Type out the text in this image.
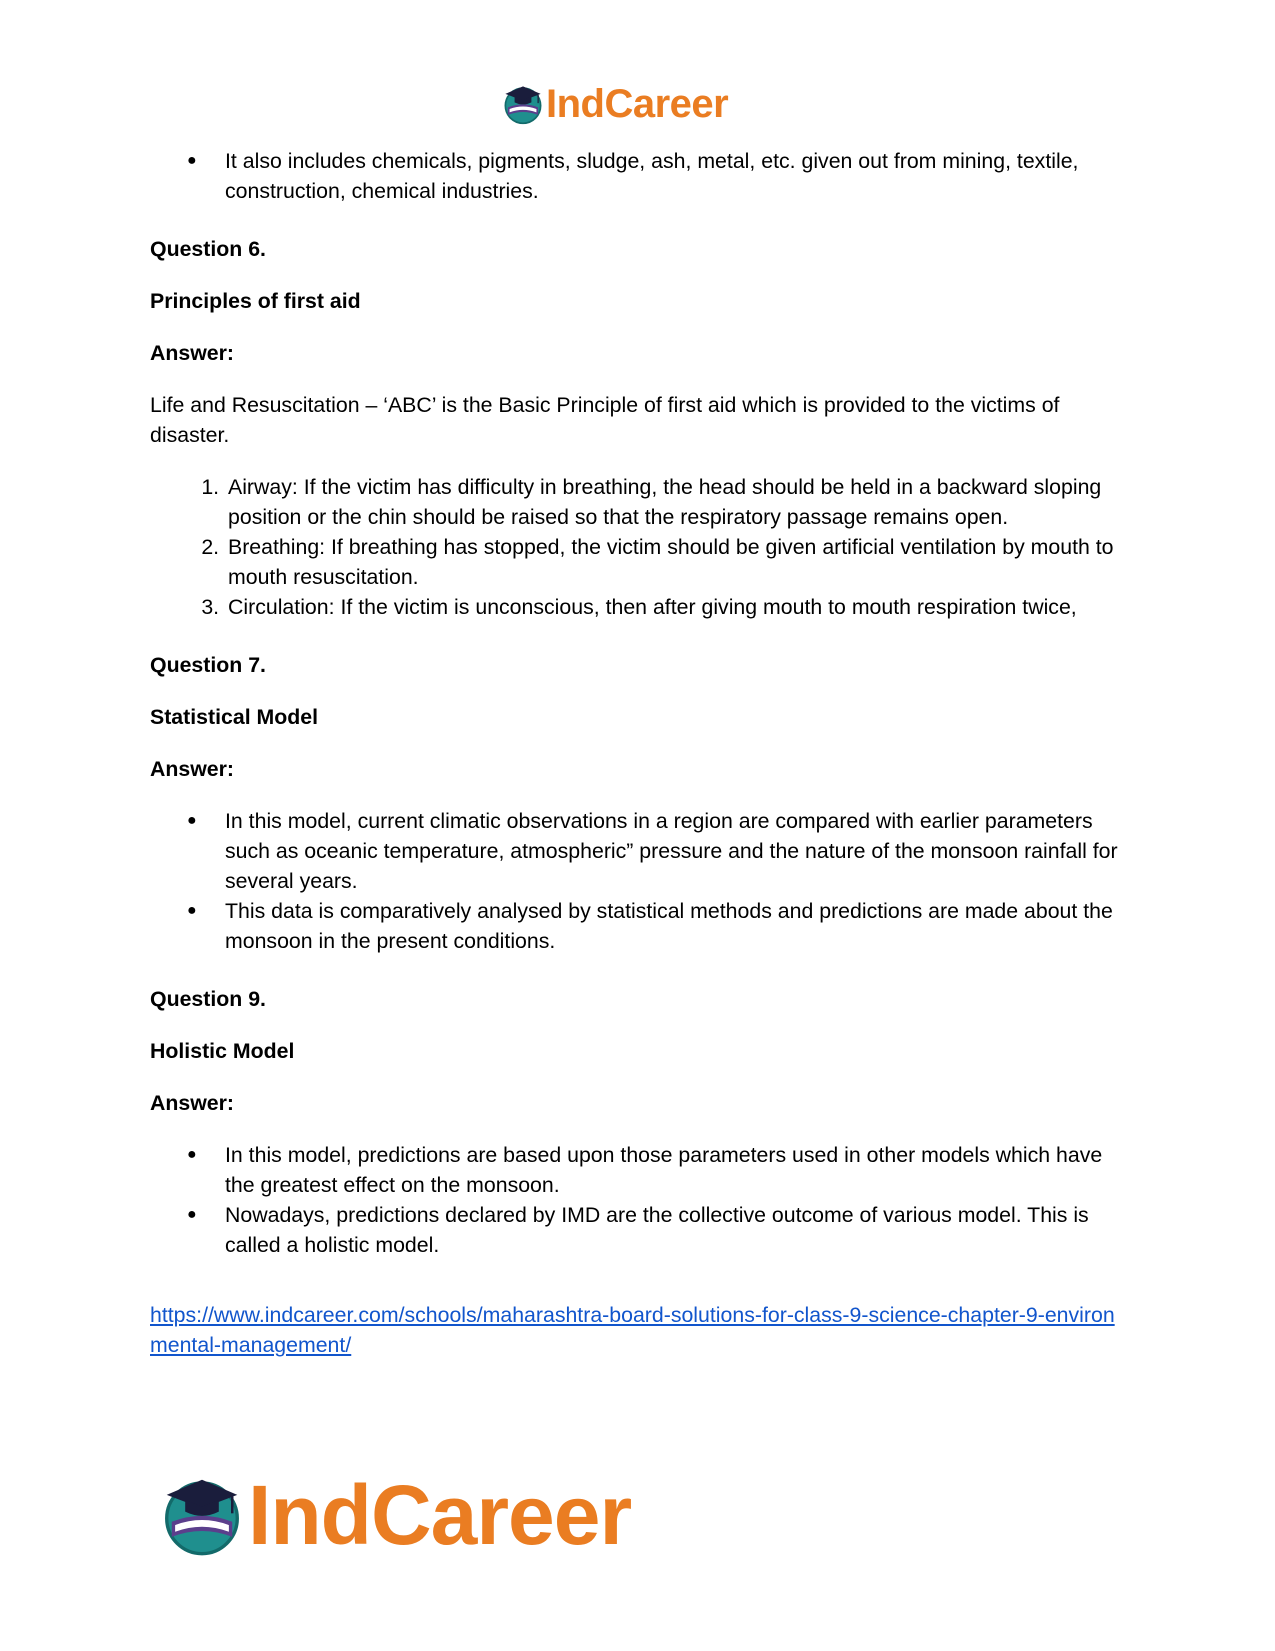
IndCareer
● It also includes chemicals, pigments, sludge, ash, metal, etc. given out from mining, textile, construction, chemical industries.

Question 6.

Principles of first aid

Answer:

Life and Resuscitation – ‘ABC’ is the Basic Principle of first aid which is provided to the victims of disaster.

1. Airway: If the victim has difficulty in breathing, the head should be held in a backward sloping position or the chin should be raised so that the respiratory passage remains open.
2. Breathing: If breathing has stopped, the victim should be given artificial ventilation by mouth to mouth resuscitation.
3. Circulation: If the victim is unconscious, then after giving mouth to mouth respiration twice,

Question 7.

Statistical Model

Answer:

● In this model, current climatic observations in a region are compared with earlier parameters such as oceanic temperature, atmospheric” pressure and the nature of the monsoon rainfall for several years.
● This data is comparatively analysed by statistical methods and predictions are made about the monsoon in the present conditions.

Question 9.

Holistic Model

Answer:

● In this model, predictions are based upon those parameters used in other models which have the greatest effect on the monsoon.
● Nowadays, predictions declared by IMD are the collective outcome of various model. This is called a holistic model.

https://www.indcareer.com/schools/maharashtra-board-solutions-for-class-9-science-chapter-9-environmental-management/

IndCareer
